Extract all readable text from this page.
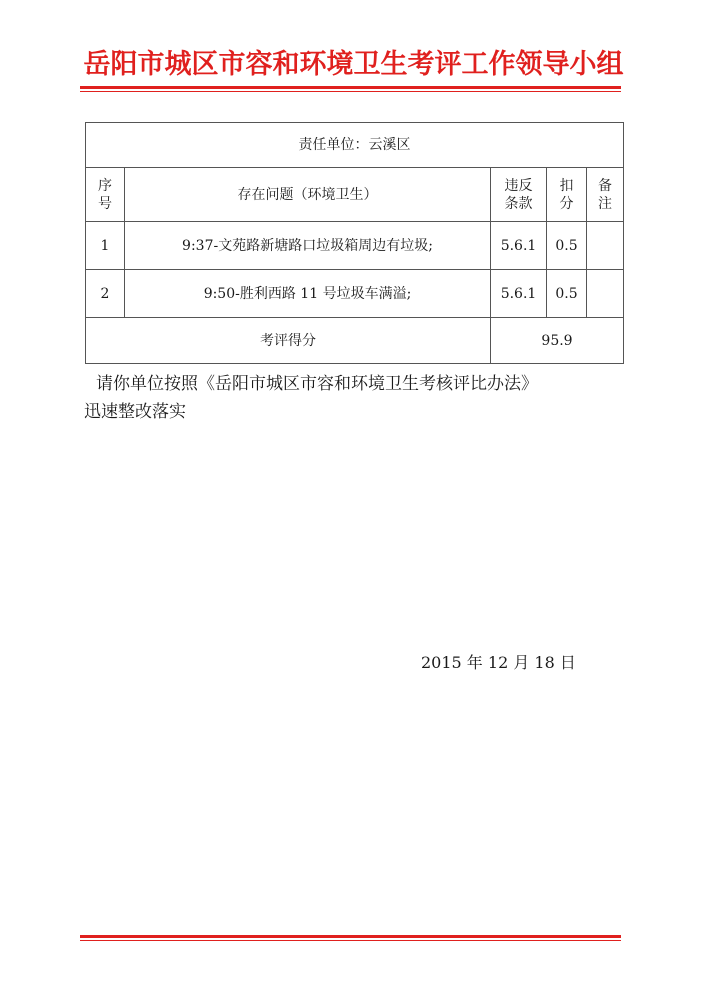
岳阳市城区市容和环境卫生考评工作领导小组
责任单位：云溪区				
序号	存在问题（环境卫生）	违反条款	扣分	备注
1	9:37-文苑路新塘路口垃圾箱周边有垃圾;	5.6.1	0.5	
2	9:50-胜利西路 11 号垃圾车满溢;	5.6.1	0.5	
考评得分		95.9		
请你单位按照《岳阳市城区市容和环境卫生考核评比办法》
迅速整改落实
2015 年 12 月 18 日
